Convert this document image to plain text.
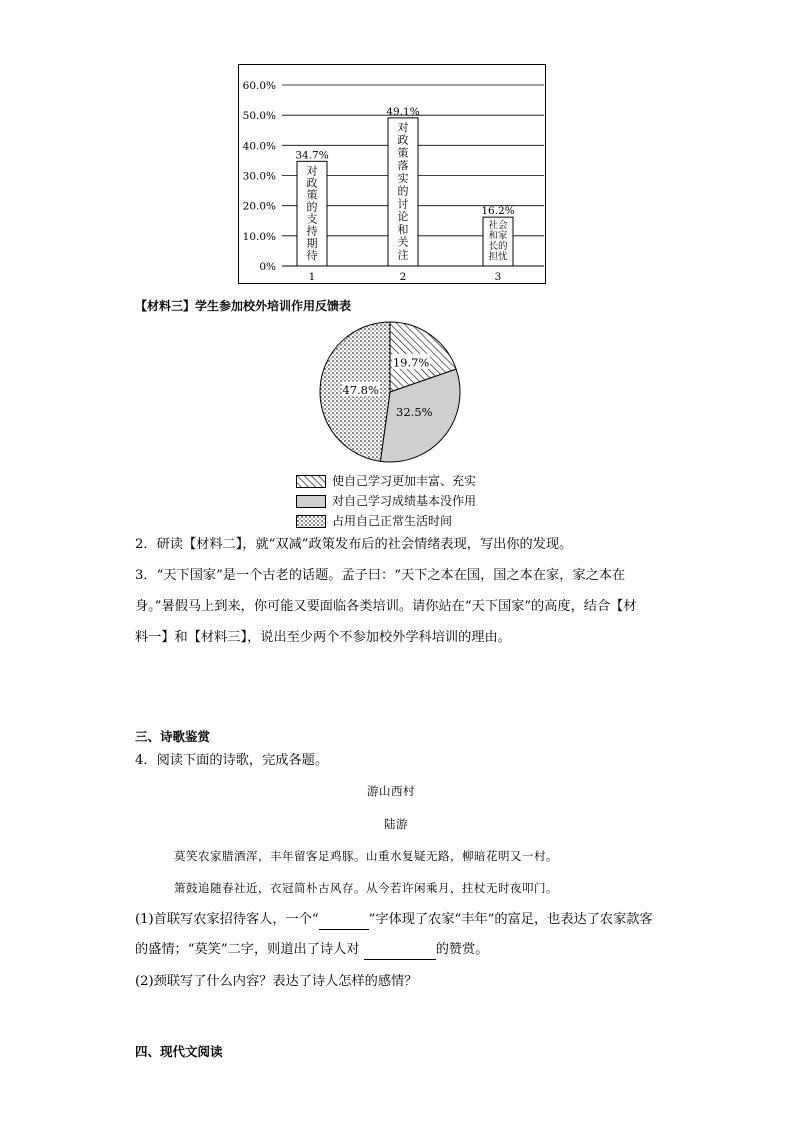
60.0%
50.0%
40.0%
30.0%
20.0%
10.0%
0%
34.7%
对
政
策
的
支
持
期
待
1
49.1%
对
政
策
落
实
的
讨
论
和
关
注
2
16.2%
社会
和家
长的
担忧
3
【材料三】学生参加校外培训作用反馈表
19.7%
32.5%
47.8%
使自己学习更加丰富、充实
对自己学习成绩基本没作用
占用自己正常生活时间
2．研读【材料二】，就“双减”政策发布后的社会情绪表现，写出你的发现。
3．“天下国家”是一个古老的话题。孟子曰：“天下之本在国，国之本在家，家之本在
身。”暑假马上到来，你可能又要面临各类培训。请你站在“天下国家”的高度，结合【材
料一】和【材料三】，说出至少两个不参加校外学科培训的理由。
三、诗歌鉴赏
4．阅读下面的诗歌，完成各题。
游山西村
陆游
莫笑农家腊酒浑，丰年留客足鸡豚。山重水复疑无路，柳暗花明又一村。
箫鼓追随春社近，衣冠简朴古风存。从今若许闲乘月，拄杖无时夜叩门。
(1)首联写农家招待客人，一个“	”字体现了农家“丰年”的富足，也表达了农家款客
的盛情；“莫笑”二字，则道出了诗人对	的赞赏。
(2)颈联写了什么内容？表达了诗人怎样的感情？
四、现代文阅读
